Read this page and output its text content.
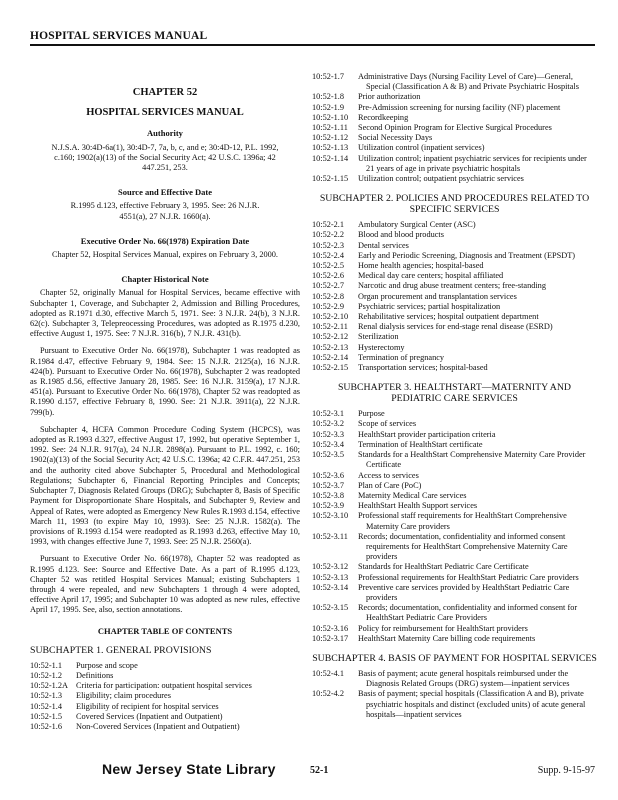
HOSPITAL SERVICES MANUAL
CHAPTER 52
HOSPITAL SERVICES MANUAL
Authority
N.J.S.A. 30:4D-6a(1), 30:4D-7, 7a, b, c, and e; 30:4D-12, P.L. 1992, c.160; 1902(a)(13) of the Social Security Act; 42 U.S.C. 1396a; 42 447.251, 253.
Source and Effective Date
R.1995 d.123, effective February 3, 1995. See: 26 N.J.R. 4551(a), 27 N.J.R. 1660(a).
Executive Order No. 66(1978) Expiration Date
Chapter 52, Hospital Services Manual, expires on February 3, 2000.
Chapter Historical Note

Chapter 52, originally Manual for Hospital Services, became effective with Subchapter 1, Coverage, and Subchapter 2, Admission and Billing Procedures, adopted as R.1971 d.30, effective March 5, 1971. See: 3 N.J.R. 24(b), 3 N.J.R. 62(c). Subchapter 3, Telepreocessing Procedures, was adopted as R.1975 d.230, effective August 1, 1975. See: 7 N.J.R. 316(b), 7 N.J.R. 431(b).

Pursuant to Executive Order No. 66(1978), Subchapter 1 was readopted as R.1984 d.47, effective February 9, 1984. See: 15 N.J.R. 2125(a), 16 N.J.R. 424(b). Pursuant to Executive Order No. 66(1978), Subchapter 2 was readopted as R.1985 d.56, effective January 28, 1985. See: 16 N.J.R. 3159(a), 17 N.J.R. 451(a). Pursuant to Executive Order No. 66(1978), Chapter 52 was readopted as R.1990 d.157, effective February 8, 1990. See: 21 N.J.R. 3911(a), 22 N.J.R. 799(b).

Subchapter 4, HCFA Common Procedure Coding System (HCPCS), was adopted as R.1993 d.327, effective August 17, 1992, but operative September 1, 1992. See: 24 N.J.R. 917(a), 24 N.J.R. 2898(a). Pursuant to P.L. 1992, c. 160; 1902(a)(13) of the Social Security Act; 42 U.S.C. 1396a; 42 C.F.R. 447.251, 253 and the authority cited above Subchapter 5, Procedural and Methodological Regulations; Subchapter 6, Financial Reporting Principles and Concepts; Subchapter 7, Diagnosis Related Groups (DRG); Subchapter 8, Basis of Specific Payment for Disproportionate Share Hospitals, and Subchapter 9, Review and Appeal of Rates, were adopted as Emergency New Rules R.1993 d.154, effective March 11, 1993 (to expire May 10, 1993). See: 25 N.J.R. 1582(a). The provisions of R.1993 d.154 were readopted as R.1993 d.263, effective May 10, 1993, with changes effective June 7, 1993. See: 25 N.J.R. 2560(a).

Pursuant to Executive Order No. 66(1978), Chapter 52 was readopted as R.1995 d.123. See: Source and Effective Date. As a part of R.1995 d.123, Chapter 52 was retitled Hospital Services Manual; existing Subchapters 1 through 4 were repealed, and new Subchapters 1 through 4 were adopted, effective April 17, 1995; and Subchapter 10 was adopted as new rules, effective April 17, 1995. See, also, section annotations.

CHAPTER TABLE OF CONTENTS
SUBCHAPTER 1. GENERAL PROVISIONS
10:52-1.1	Purpose and scope
10:52-1.2	Definitions
10:52-1.2A Criteria for participation: outpatient hospital services
10:52-1.3	Eligibility; claim procedures
10:52-1.4	Eligibility of recipient for hospital services
10:52-1.5	Covered Services (Inpatient and Outpatient)
10:52-1.6	Non-Covered Services (Inpatient and Outpatient)
10:52-1.7	Administrative Days (Nursing Facility Level of Care)—General, Special (Classification A & B) and Private Psychiatric Hospitals
10:52-1.8	Prior authorization
10:52-1.9	Pre-Admission screening for nursing facility (NF) placement
10:52-1.10	Recordkeeping
10:52-1.11	Second Opinion Program for Elective Surgical Procedures
10:52-1.12	Social Necessity Days
10:52-1.13	Utilization control (inpatient services)
10:52-1.14	Utilization control; inpatient psychiatric services for recipients under 21 years of age in private psychiatric hospitals
10:52-1.15	Utilization control; outpatient psychiatric services
SUBCHAPTER 2. POLICIES AND PROCEDURES RELATED TO SPECIFIC SERVICES
10:52-2.1	Ambulatory Surgical Center (ASC)
10:52-2.2	Blood and blood products
10:52-2.3	Dental services
10:52-2.4	Early and Periodic Screening, Diagnosis and Treatment (EPSDT)
10:52-2.5	Home health agencies; hospital-based
10:52-2.6	Medical day care centers; hospital affiliated
10:52-2.7	Narcotic and drug abuse treatment centers; free-standing
10:52-2.8	Organ procurement and transplantation services
10:52-2.9	Psychiatric services; partial hospitalization
10:52-2.10	Rehabilitative services; hospital outpatient department
10:52-2.11	Renal dialysis services for end-stage renal disease (ESRD)
10:52-2.12	Sterilization
10:52-2.13	Hysterectomy
10:52-2.14	Termination of pregnancy
10:52-2.15	Transportation services; hospital-based
SUBCHAPTER 3. HEALTHSTART—MATERNITY AND PEDIATRIC CARE SERVICES
10:52-3.1	Purpose
10:52-3.2	Scope of services
10:52-3.3	HealthStart provider participation criteria
10:52-3.4	Termination of HealthStart certificate
10:52-3.5	Standards for a HealthStart Comprehensive Maternity Care Provider Certificate
10:52-3.6	Access to services
10:52-3.7	Plan of Care (PoC)
10:52-3.8	Maternity Medical Care services
10:52-3.9	HealthStart Health Support services
10:52-3.10	Professional staff requirements for HealthStart Comprehensive Maternity Care providers
10:52-3.11	Records; documentation, confidentiality and informed consent requirements for HealthStart Comprehensive Maternity Care providers
10:52-3.12	Standards for HealthStart Pediatric Care Certificate
10:52-3.13	Professional requirements for HealthStart Pediatric Care providers
10:52-3.14	Preventive care services provided by HealthStart Pediatric Care providers
10:52-3.15	Records; documentation, confidentiality and informed consent for HealthStart Pediatric Care Providers
10:52-3.16	Policy for reimbursement for HealthStart providers
10:52-3.17	HealthStart Maternity Care billing code requirements
SUBCHAPTER 4. BASIS OF PAYMENT FOR HOSPITAL SERVICES
10:52-4.1	Basis of payment; acute general hospitals reimbursed under the Diagnosis Related Groups (DRG) system—inpatient services
10:52-4.2	Basis of payment; special hospitals (Classification A and B), private psychiatric hospitals and distinct (excluded units) of acute general hospitals—inpatient services
New Jersey State Library	52-1	Supp. 9-15-97
